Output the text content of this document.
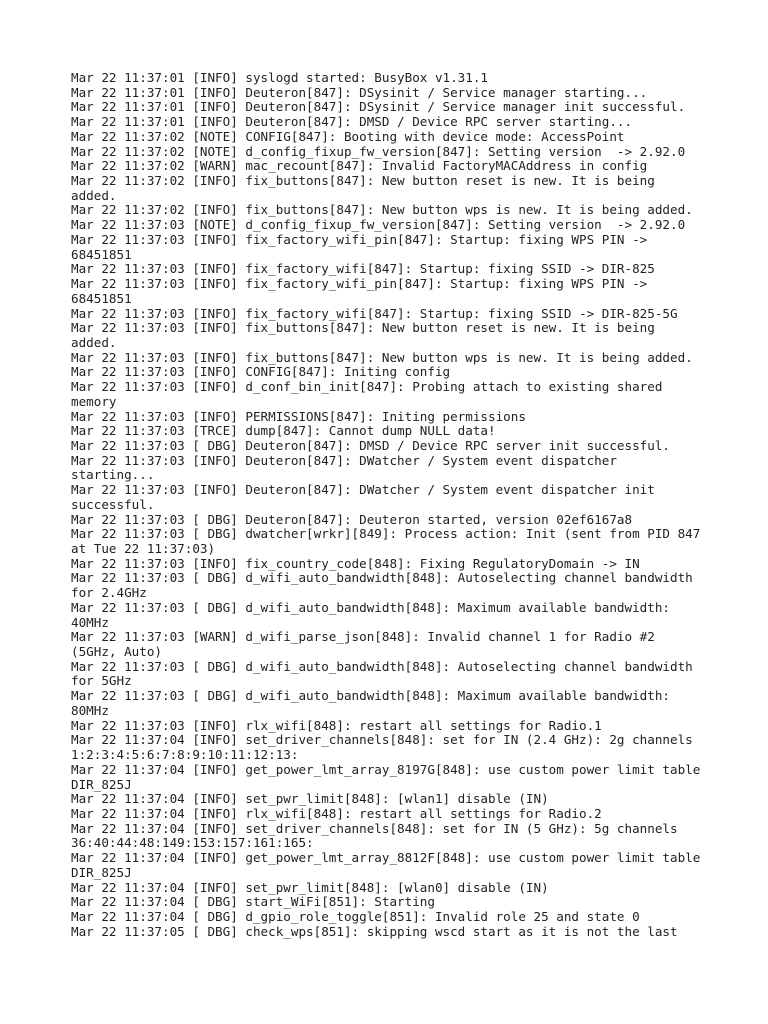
Mar 22 11:37:01 [INFO] syslogd started: BusyBox v1.31.1
Mar 22 11:37:01 [INFO] Deuteron[847]: DSysinit / Service manager starting...
Mar 22 11:37:01 [INFO] Deuteron[847]: DSysinit / Service manager init successful.
Mar 22 11:37:01 [INFO] Deuteron[847]: DMSD / Device RPC server starting...
Mar 22 11:37:02 [NOTE] CONFIG[847]: Booting with device mode: AccessPoint
Mar 22 11:37:02 [NOTE] d_config_fixup_fw_version[847]: Setting version  -> 2.92.0
Mar 22 11:37:02 [WARN] mac_recount[847]: Invalid FactoryMACAddress in config
Mar 22 11:37:02 [INFO] fix_buttons[847]: New button reset is new. It is being
added.
Mar 22 11:37:02 [INFO] fix_buttons[847]: New button wps is new. It is being added.
Mar 22 11:37:03 [NOTE] d_config_fixup_fw_version[847]: Setting version  -> 2.92.0
Mar 22 11:37:03 [INFO] fix_factory_wifi_pin[847]: Startup: fixing WPS PIN ->
68451851
Mar 22 11:37:03 [INFO] fix_factory_wifi[847]: Startup: fixing SSID -> DIR-825
Mar 22 11:37:03 [INFO] fix_factory_wifi_pin[847]: Startup: fixing WPS PIN ->
68451851
Mar 22 11:37:03 [INFO] fix_factory_wifi[847]: Startup: fixing SSID -> DIR-825-5G
Mar 22 11:37:03 [INFO] fix_buttons[847]: New button reset is new. It is being
added.
Mar 22 11:37:03 [INFO] fix_buttons[847]: New button wps is new. It is being added.
Mar 22 11:37:03 [INFO] CONFIG[847]: Initing config
Mar 22 11:37:03 [INFO] d_conf_bin_init[847]: Probing attach to existing shared
memory
Mar 22 11:37:03 [INFO] PERMISSIONS[847]: Initing permissions
Mar 22 11:37:03 [TRCE] dump[847]: Cannot dump NULL data!
Mar 22 11:37:03 [ DBG] Deuteron[847]: DMSD / Device RPC server init successful.
Mar 22 11:37:03 [INFO] Deuteron[847]: DWatcher / System event dispatcher
starting...
Mar 22 11:37:03 [INFO] Deuteron[847]: DWatcher / System event dispatcher init
successful.
Mar 22 11:37:03 [ DBG] Deuteron[847]: Deuteron started, version 02ef6167a8
Mar 22 11:37:03 [ DBG] dwatcher[wrkr][849]: Process action: Init (sent from PID 847
at Tue 22 11:37:03)
Mar 22 11:37:03 [INFO] fix_country_code[848]: Fixing RegulatoryDomain -> IN
Mar 22 11:37:03 [ DBG] d_wifi_auto_bandwidth[848]: Autoselecting channel bandwidth
for 2.4GHz
Mar 22 11:37:03 [ DBG] d_wifi_auto_bandwidth[848]: Maximum available bandwidth:
40MHz
Mar 22 11:37:03 [WARN] d_wifi_parse_json[848]: Invalid channel 1 for Radio #2
(5GHz, Auto)
Mar 22 11:37:03 [ DBG] d_wifi_auto_bandwidth[848]: Autoselecting channel bandwidth
for 5GHz
Mar 22 11:37:03 [ DBG] d_wifi_auto_bandwidth[848]: Maximum available bandwidth:
80MHz
Mar 22 11:37:03 [INFO] rlx_wifi[848]: restart all settings for Radio.1
Mar 22 11:37:04 [INFO] set_driver_channels[848]: set for IN (2.4 GHz): 2g channels
1:2:3:4:5:6:7:8:9:10:11:12:13:
Mar 22 11:37:04 [INFO] get_power_lmt_array_8197G[848]: use custom power limit table
DIR_825J
Mar 22 11:37:04 [INFO] set_pwr_limit[848]: [wlan1] disable (IN)
Mar 22 11:37:04 [INFO] rlx_wifi[848]: restart all settings for Radio.2
Mar 22 11:37:04 [INFO] set_driver_channels[848]: set for IN (5 GHz): 5g channels
36:40:44:48:149:153:157:161:165:
Mar 22 11:37:04 [INFO] get_power_lmt_array_8812F[848]: use custom power limit table
DIR_825J
Mar 22 11:37:04 [INFO] set_pwr_limit[848]: [wlan0] disable (IN)
Mar 22 11:37:04 [ DBG] start_WiFi[851]: Starting
Mar 22 11:37:04 [ DBG] d_gpio_role_toggle[851]: Invalid role 25 and state 0
Mar 22 11:37:05 [ DBG] check_wps[851]: skipping wscd start as it is not the last
